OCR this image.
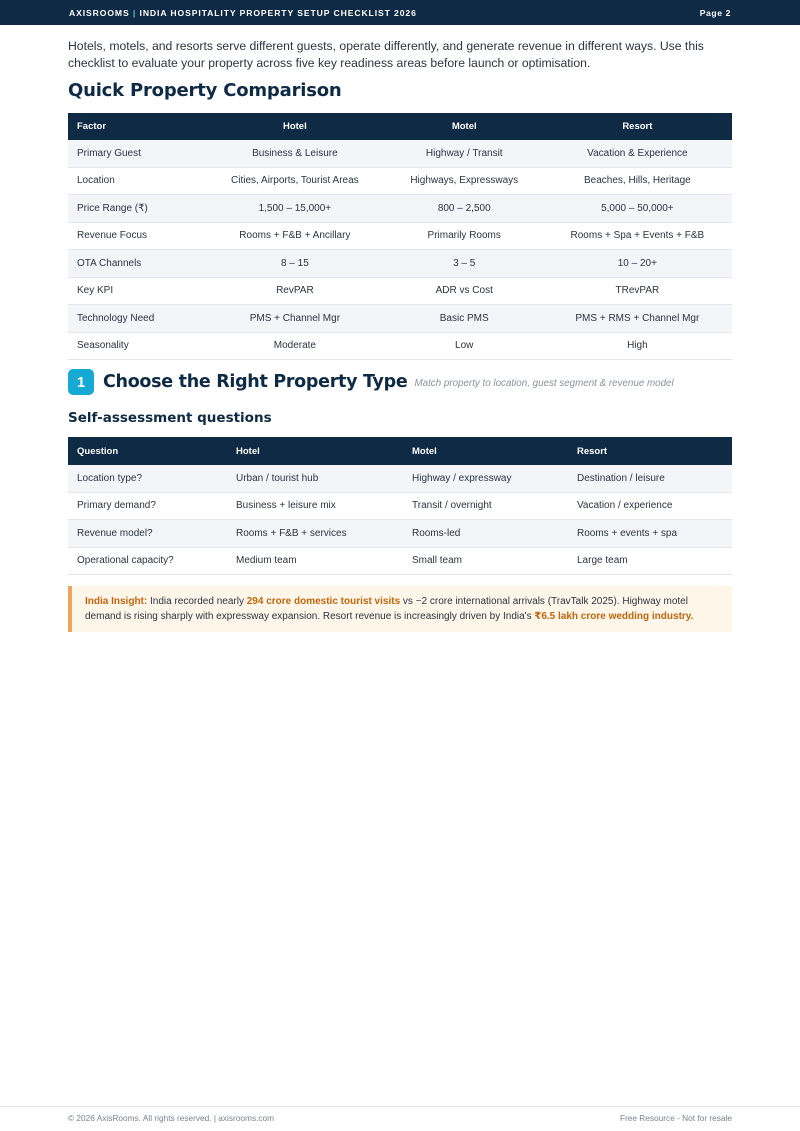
AXISROOMS | INDIA HOSPITALITY PROPERTY SETUP CHECKLIST 2026	Page 2

Hotels, motels, and resorts serve different guests, operate differently, and generate revenue in different ways. Use this checklist to evaluate your property across five key readiness areas before launch or optimisation.

Quick Property Comparison
Factor	Hotel	Motel	Resort
Primary Guest	Business & Leisure	Highway / Transit	Vacation & Experience
Location	Cities, Airports, Tourist Areas	Highways, Expressways	Beaches, Hills, Heritage
Price Range (₹)	1,500 – 15,000+	800 – 2,500	5,000 – 50,000+
Revenue Focus	Rooms + F&B + Ancillary	Primarily Rooms	Rooms + Spa + Events + F&B
OTA Channels	8 – 15	3 – 5	10 – 20+
Key KPI	RevPAR	ADR vs Cost	TRevPAR
Technology Need	PMS + Channel Mgr	Basic PMS	PMS + RMS + Channel Mgr
Seasonality	Moderate	Low	High
1	Choose the Right Property Type Match property to location, guest segment & revenue model
Self-assessment questions
Question	Hotel	Motel	Resort
Location type?	Urban / tourist hub	Highway / expressway	Destination / leisure
Primary demand?	Business + leisure mix	Transit / overnight	Vacation / experience
Revenue model?	Rooms + F&B + services	Rooms-led	Rooms + events + spa
Operational capacity?	Medium team	Small team	Large team
India Insight: India recorded nearly 294 crore domestic tourist visits vs ~2 crore international arrivals (TravTalk 2025). Highway motel demand is rising sharply with expressway expansion. Resort revenue is increasingly driven by India's ₹6.5 lakh crore wedding industry.
© 2026 AxisRooms. All rights reserved. | axisrooms.com	Free Resource - Not for resale
